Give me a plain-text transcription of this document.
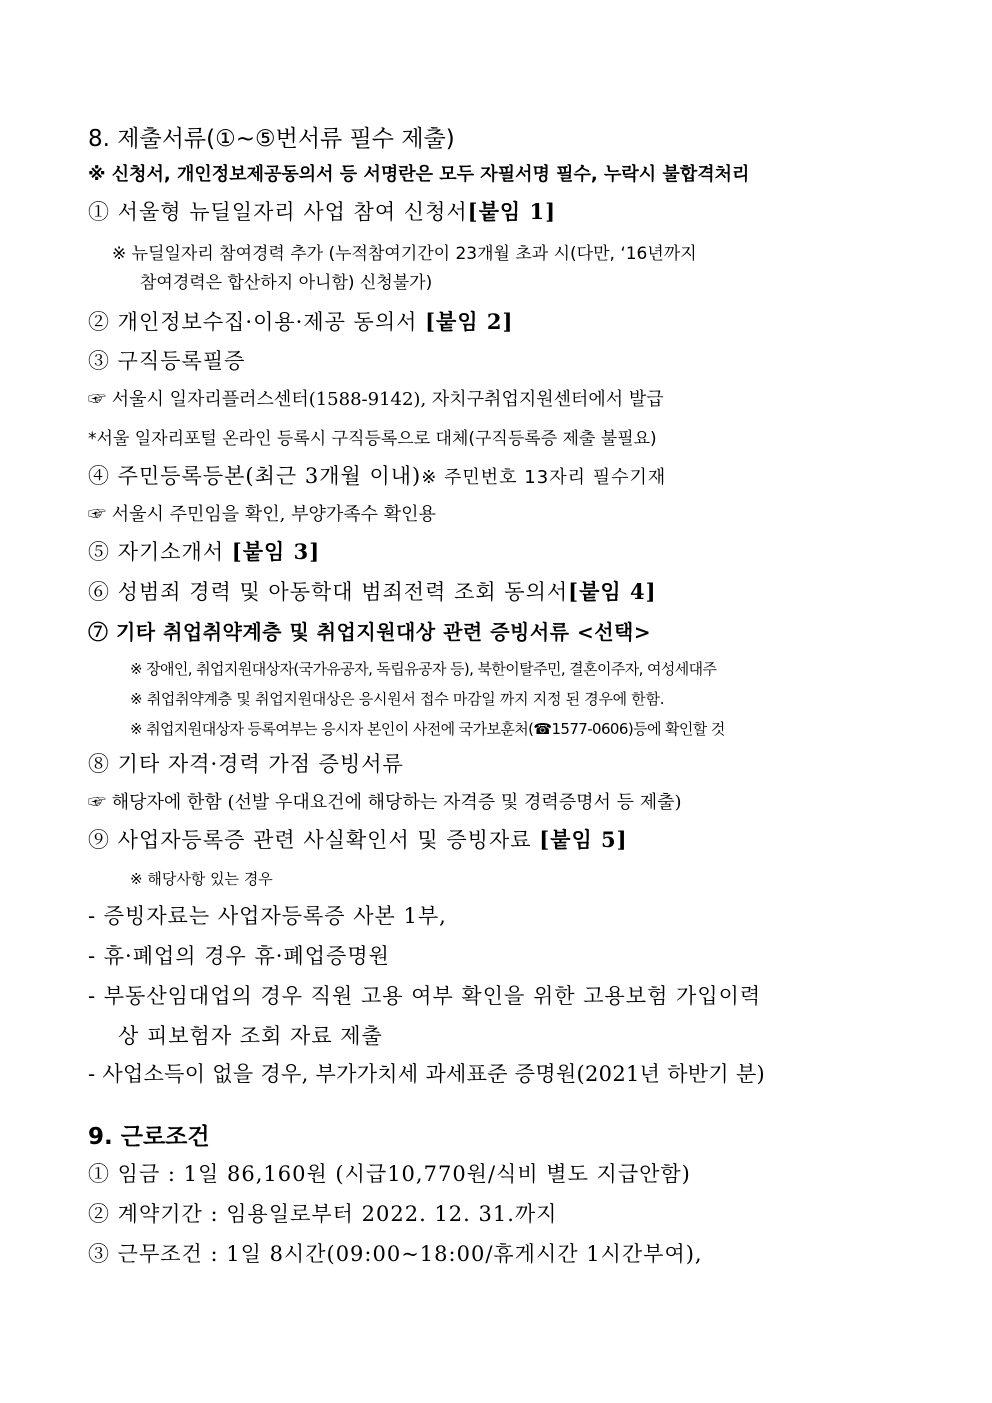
8. 제출서류(①~⑤번서류 필수 제출)
※ 신청서, 개인정보제공동의서 등 서명란은 모두 자필서명 필수, 누락시 불합격처리
① 서울형 뉴딜일자리 사업 참여 신청서[붙임 1]
※ 뉴딜일자리 참여경력 추가 (누적참여기간이 23개월 초과 시(다만, ‘16년까지
참여경력은 합산하지 아니함) 신청불가)
② 개인정보수집·이용·제공 동의서 [붙임 2]
③ 구직등록필증
☞ 서울시 일자리플러스센터(1588-9142), 자치구취업지원센터에서 발급
*서울 일자리포털 온라인 등록시 구직등록으로 대체(구직등록증 제출 불필요)
④ 주민등록등본(최근 3개월 이내)※ 주민번호 13자리 필수기재
☞ 서울시 주민임을 확인, 부양가족수 확인용
⑤ 자기소개서 [붙임 3]
⑥ 성범죄 경력 및 아동학대 범죄전력 조회 동의서[붙임 4]
⑦ 기타 취업취약계층 및 취업지원대상 관련 증빙서류 <선택>
※ 장애인, 취업지원대상자(국가유공자, 독립유공자 등), 북한이탈주민, 결혼이주자, 여성세대주
※ 취업취약계층 및 취업지원대상은 응시원서 접수 마감일 까지 지정 된 경우에 한함.
※ 취업지원대상자 등록여부는 응시자 본인이 사전에 국가보훈처(☎1577-0606)등에 확인할 것
⑧ 기타 자격·경력 가점 증빙서류
☞ 해당자에 한함 (선발 우대요건에 해당하는 자격증 및 경력증명서 등 제출)
⑨ 사업자등록증 관련 사실확인서 및 증빙자료 [붙임 5]
※ 해당사항 있는 경우
- 증빙자료는 사업자등록증 사본 1부,
- 휴·폐업의 경우 휴·폐업증명원
- 부동산임대업의 경우 직원 고용 여부 확인을 위한 고용보험 가입이력
상 피보험자 조회 자료 제출
- 사업소득이 없을 경우, 부가가치세 과세표준 증명원(2021년 하반기 분)
9. 근로조건
① 임금 : 1일 86,160원 (시급10,770원/식비 별도 지급안함)
② 계약기간 : 임용일로부터 2022. 12. 31.까지
③ 근무조건 : 1일 8시간(09:00~18:00/휴게시간 1시간부여),
